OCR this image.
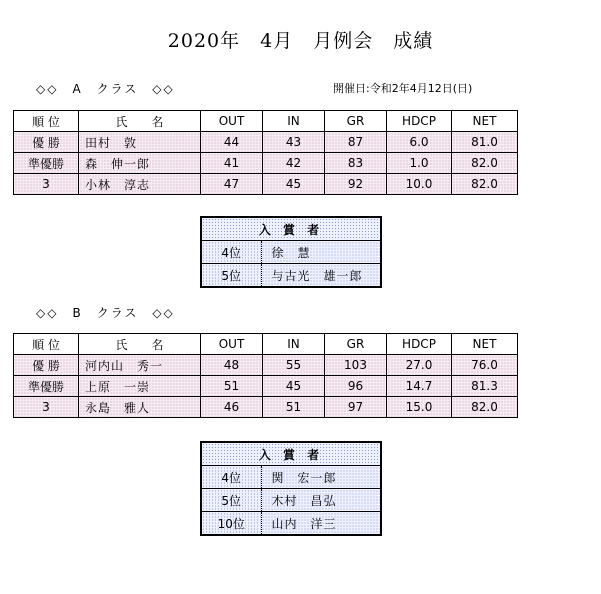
2020年　4月　月例会　成績
◇◇　A　クラス　◇◇	開催日:令和2年4月12日(日)
順 位	氏　　名	OUT	IN	GR	HDCP	NET
優 勝	田村　敦	44	43	87	6.0	81.0
準優勝	森　伸一郎	41	42	83	1.0	82.0
3	小林　淳志	47	45	92	10.0	82.0
入 賞 者	
4位	徐　慧
5位	与古光　雄一郎
◇◇　B　クラス　◇◇
順 位	氏　　名	OUT	IN	GR	HDCP	NET
優 勝	河内山　秀一	48	55	103	27.0	76.0
準優勝	上原　一崇	51	45	96	14.7	81.3
3	永島　雅人	46	51	97	15.0	82.0
入 賞 者	
4位	関　宏一郎
5位	木村　昌弘
10位	山内　洋三
